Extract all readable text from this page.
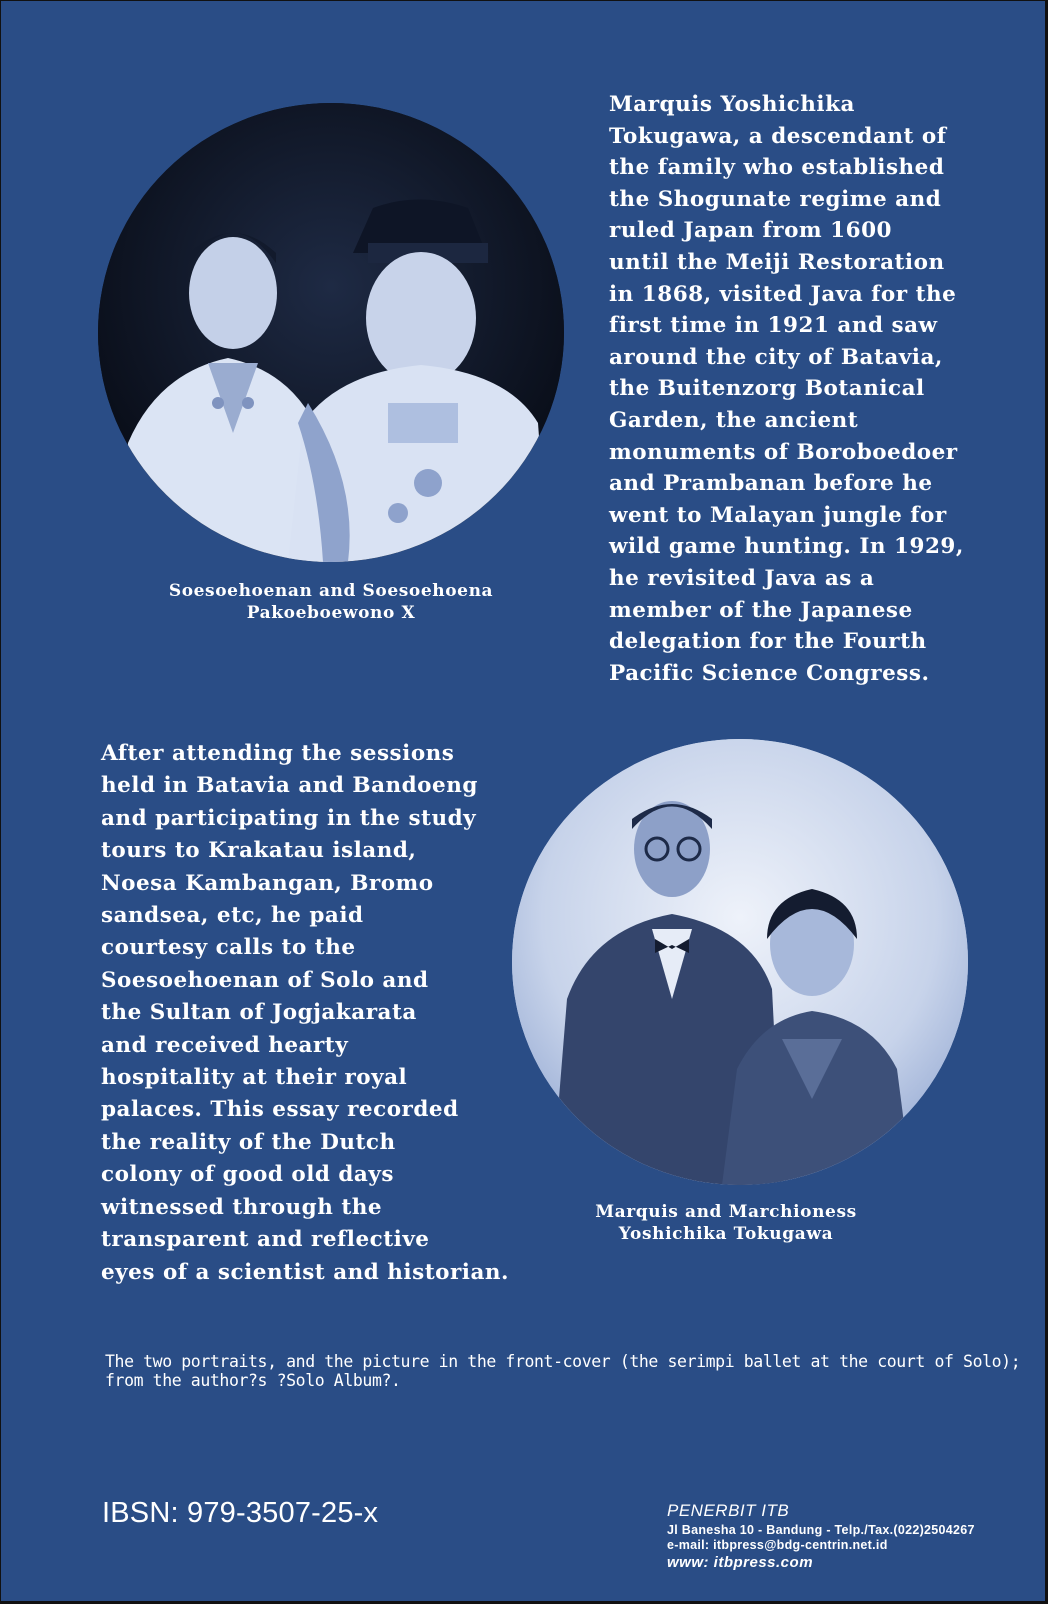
Soesoehoenan and Soesoehoena
Pakoeboewono X
Marquis Yoshichika
Tokugawa, a descendant of
the family who established
the Shogunate regime and
ruled Japan from 1600
until the Meiji Restoration
in 1868, visited Java for the
first time in 1921 and saw
around the city of Batavia,
the Buitenzorg Botanical
Garden, the ancient
monuments of Boroboedoer
and Prambanan before he
went to Malayan jungle for
wild game hunting. In 1929,
he revisited Java as a
member of the Japanese
delegation for the Fourth
Pacific Science Congress.
After attending the sessions
held in Batavia and Bandoeng
and participating in the study
tours to Krakatau island,
Noesa Kambangan, Bromo
sandsea, etc, he paid
courtesy calls to the
Soesoehoenan of Solo and
the Sultan of Jogjakarata
and received hearty
hospitality at their royal
palaces. This essay recorded
the reality of the Dutch
colony of good old days
witnessed through the
transparent and reflective
eyes of a scientist and historian.
Marquis and Marchioness
Yoshichika Tokugawa
The two portraits, and the picture in the front-cover (the serimpi ballet at the court of Solo);
from the author?s ?Solo Album?.
IBSN: 979-3507-25-x	PENERBIT ITB
Jl Banesha 10 - Bandung - Telp./Tax.(022)2504267
e-mail: itbpress@bdg-centrin.net.id
www: itbpress.com
